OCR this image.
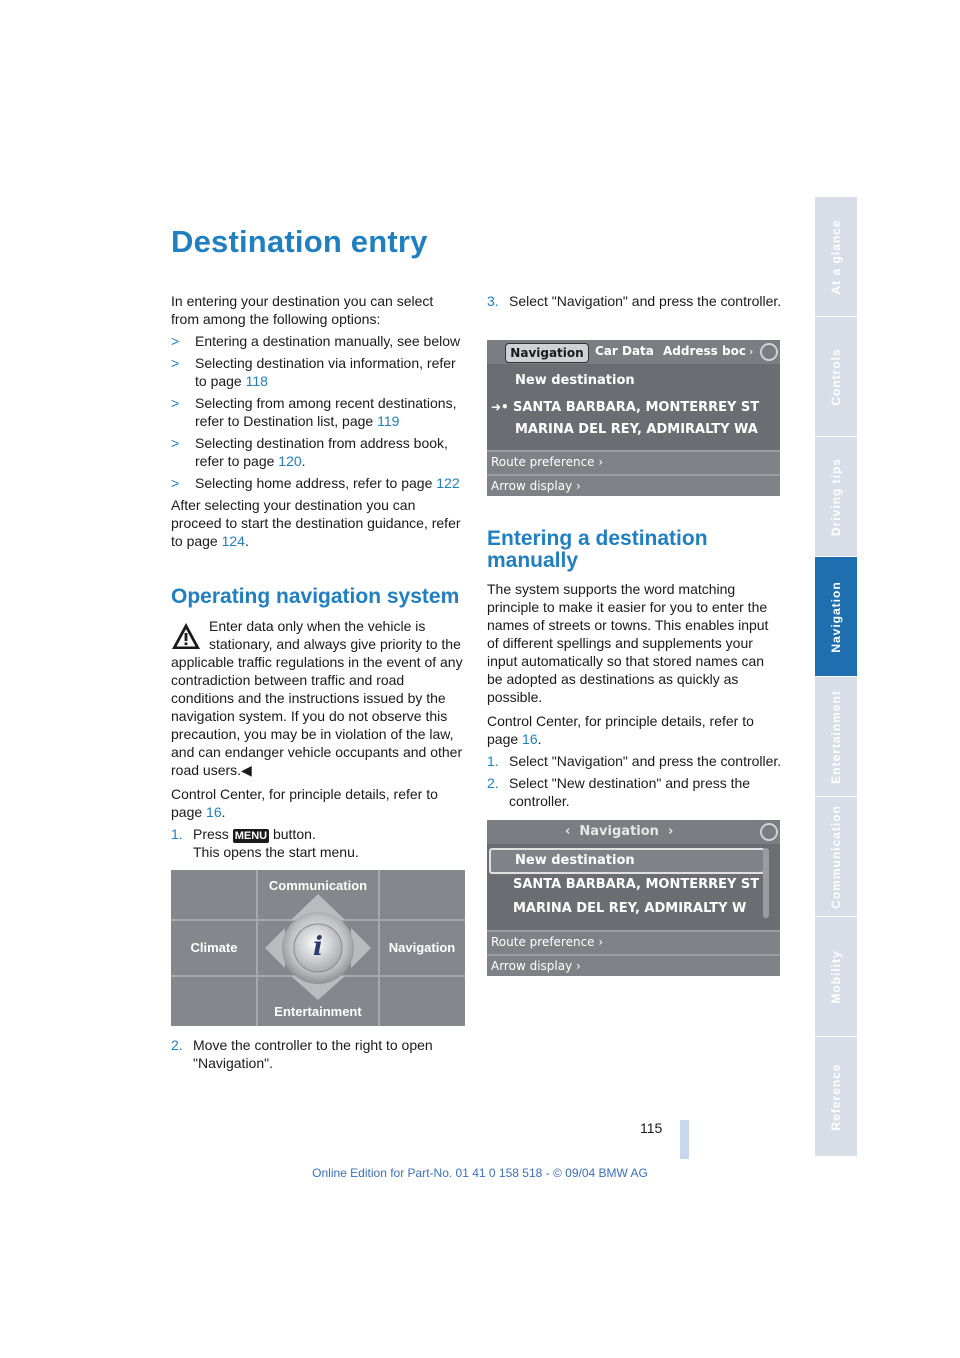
Destination entry

In entering your destination you can select from among the following options:

>	Entering a destination manually, see below
>	Selecting destination via information, refer to page 118
>	Selecting from among recent destinations, refer to Destination list, page 119
>	Selecting destination from address book, refer to page 120.
>	Selecting home address, refer to page 122

After selecting your destination you can proceed to start the destination guidance, refer to page 124.

Operating navigation system
Enter data only when the vehicle is stationary, and always give priority to the applicable traffic regulations in the event of any contradiction between traffic and road conditions and the instructions issued by the navigation system. If you do not observe this precaution, you may be in violation of the law, and can endanger vehicle occupants and other road users.◀

Control Center, for principle details, refer to page 16.

1. Press MENU button.
This opens the start menu.
Communication
Climate	Navigation
Entertainment
i
2. Move the controller to the right to open "Navigation".
3. Select "Navigation" and press the controller.
Navigation Car Data Address boc ›
New destination
➜• SANTA BARBARA, MONTERREY ST
MARINA DEL REY, ADMIRALTY WA
Route preference ›
Arrow display ›
Entering a destination
manually

The system supports the word matching principle to make it easier for you to enter the names of streets or towns. This enables input of different spellings and supplements your input automatically so that stored names can be adopted as destinations as quickly as possible.

Control Center, for principle details, refer to page 16.

1. Select "Navigation" and press the controller.
2. Select "New destination" and press the controller.
‹  Navigation  ›
New destination
SANTA BARBARA, MONTERREY ST
MARINA DEL REY, ADMIRALTY W
Route preference ›
Arrow display ›
At a glance
Controls
Driving tips
Navigation
Entertainment
Communication
Mobility
Reference
115
Online Edition for Part-No. 01 41 0 158 518 - © 09/04 BMW AG
